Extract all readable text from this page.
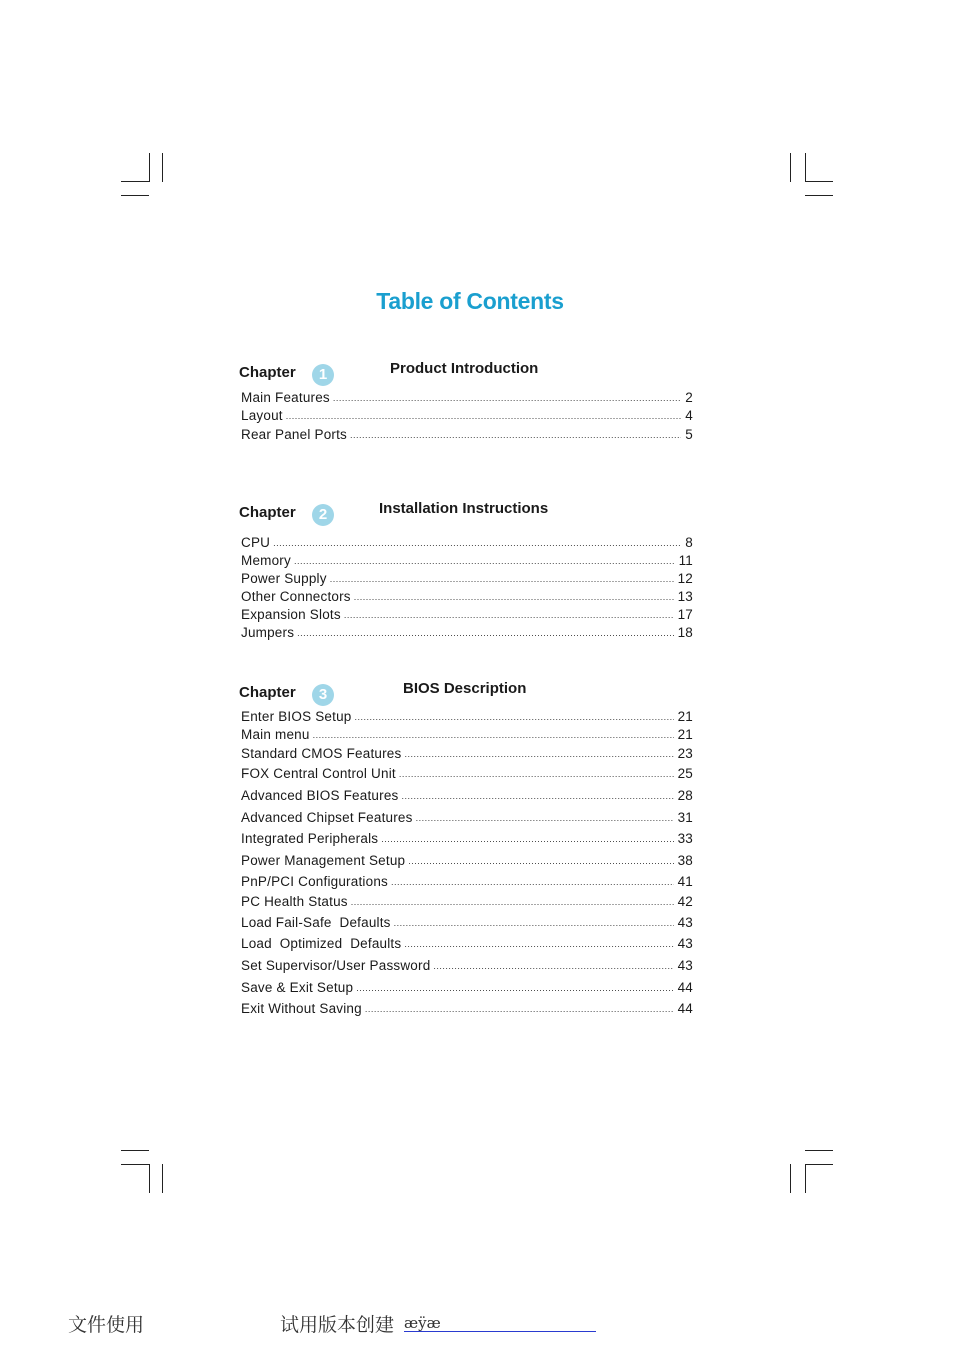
Table of Contents
Chapter	1	Product Introduction
Main Features .....	2
Layout .....	4
Rear Panel Ports .....	5
Chapter	2	Installation Instructions
CPU .....	8
Memory .....	11
Power Supply .....	12
Other Connectors .....	13
Expansion Slots .....	17
Jumpers .....	18
Chapter	3	BIOS Description
Enter BIOS Setup .....	21
Main menu .....	21
Standard CMOS Features .....	23
FOX Central Control Unit .....	25
Advanced BIOS Features .....	28
Advanced Chipset Features .....	31
Integrated Peripherals .....	33
Power Management Setup .....	38
PnP/PCI Configurations .....	41
PC Health Status .....	42
Load Fail-Safe  Defaults .....	43
Load  Optimized  Defaults .....	43
Set Supervisor/User Password .....	43
Save & Exit Setup .....	44
Exit Without Saving .....	44
文件使用	试用版本创建 æÿæ
